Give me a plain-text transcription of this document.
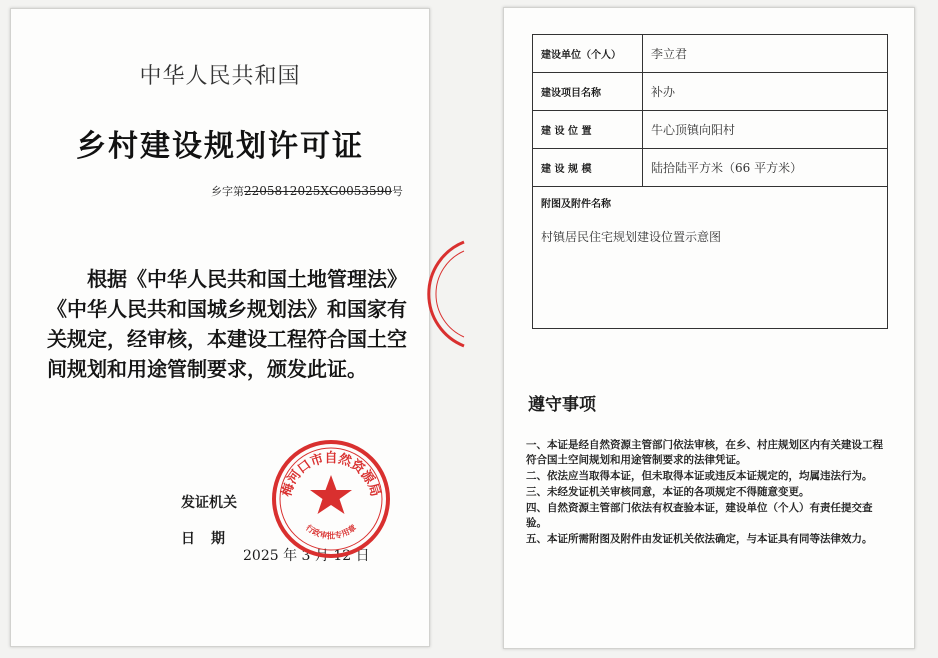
中华人民共和国
乡村建设规划许可证
乡字第2205812025XG0053590号
根据《中华人民共和国土地管理法》《中华人民共和国城乡规划法》和国家有关规定，经审核，本建设工程符合国土空间规划和用途管制要求，颁发此证。
发证机关
日　期
2025 年 3 月 12 日
梅河口市自然资源局
行政审批专用章
建设单位（个人）	李立君
建设项目名称	补办
建 设 位 置	牛心顶镇向阳村
建 设 规 模	陆拾陆平方米（66 平方米）

附图及附件名称
村镇居民住宅规划建设位置示意图	
遵守事项
一、本证是经自然资源主管部门依法审核，在乡、村庄规划区内有关建设工程符合国土空间规划和用途管制要求的法律凭证。
二、依法应当取得本证，但未取得本证或违反本证规定的，均属违法行为。
三、未经发证机关审核同意，本证的各项规定不得随意变更。
四、自然资源主管部门依法有权查验本证，建设单位（个人）有责任提交查验。
五、本证所需附图及附件由发证机关依法确定，与本证具有同等法律效力。
